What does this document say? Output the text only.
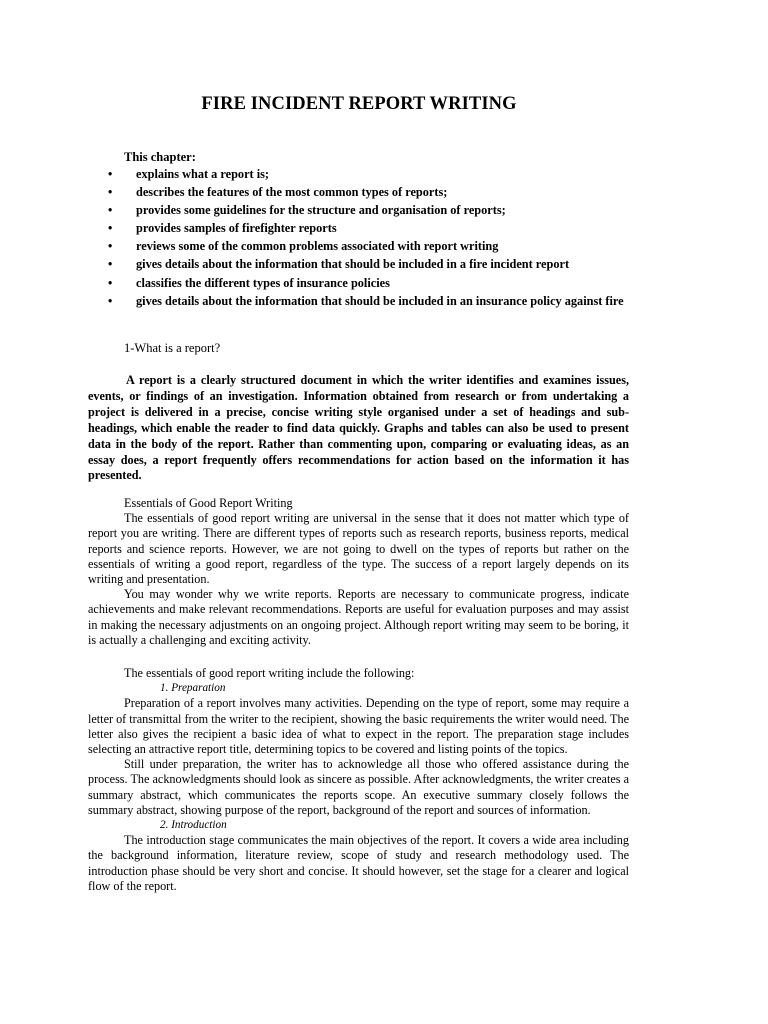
FIRE INCIDENT REPORT WRITING

This chapter:

• explains what a report is;
• describes the features of the most common types of reports;
• provides some guidelines for the structure and organisation of reports;
• provides samples of firefighter reports
• reviews some of the common problems associated with report writing
• gives details about the information that should be included in a fire incident report
• classifies the different types of insurance policies
• gives details about the information that should be included in an insurance policy against fire

1-What is a report?

A report is a clearly structured document in which the writer identifies and examines issues, events, or findings of an investigation. Information obtained from research or from undertaking a project is delivered in a precise, concise writing style organised under a set of headings and sub-headings, which enable the reader to find data quickly. Graphs and tables can also be used to present data in the body of the report. Rather than commenting upon, comparing or evaluating ideas, as an essay does, a report frequently offers recommendations for action based on the information it has presented.

Essentials of Good Report Writing

The essentials of good report writing are universal in the sense that it does not matter which type of report you are writing. There are different types of reports such as research reports, business reports, medical reports and science reports. However, we are not going to dwell on the types of reports but rather on the essentials of writing a good report, regardless of the type. The success of a report largely depends on its writing and presentation.

You may wonder why we write reports. Reports are necessary to communicate progress, indicate achievements and make relevant recommendations. Reports are useful for evaluation purposes and may assist in making the necessary adjustments on an ongoing project. Although report writing may seem to be boring, it is actually a challenging and exciting activity.

The essentials of good report writing include the following:

1. Preparation

Preparation of a report involves many activities. Depending on the type of report, some may require a letter of transmittal from the writer to the recipient, showing the basic requirements the writer would need. The letter also gives the recipient a basic idea of what to expect in the report. The preparation stage includes selecting an attractive report title, determining topics to be covered and listing points of the topics.

Still under preparation, the writer has to acknowledge all those who offered assistance during the process. The acknowledgments should look as sincere as possible. After acknowledgments, the writer creates a summary abstract, which communicates the reports scope. An executive summary closely follows the summary abstract, showing purpose of the report, background of the report and sources of information.

2. Introduction

The introduction stage communicates the main objectives of the report. It covers a wide area including the background information, literature review, scope of study and research methodology used. The introduction phase should be very short and concise. It should however, set the stage for a clearer and logical flow of the report.
